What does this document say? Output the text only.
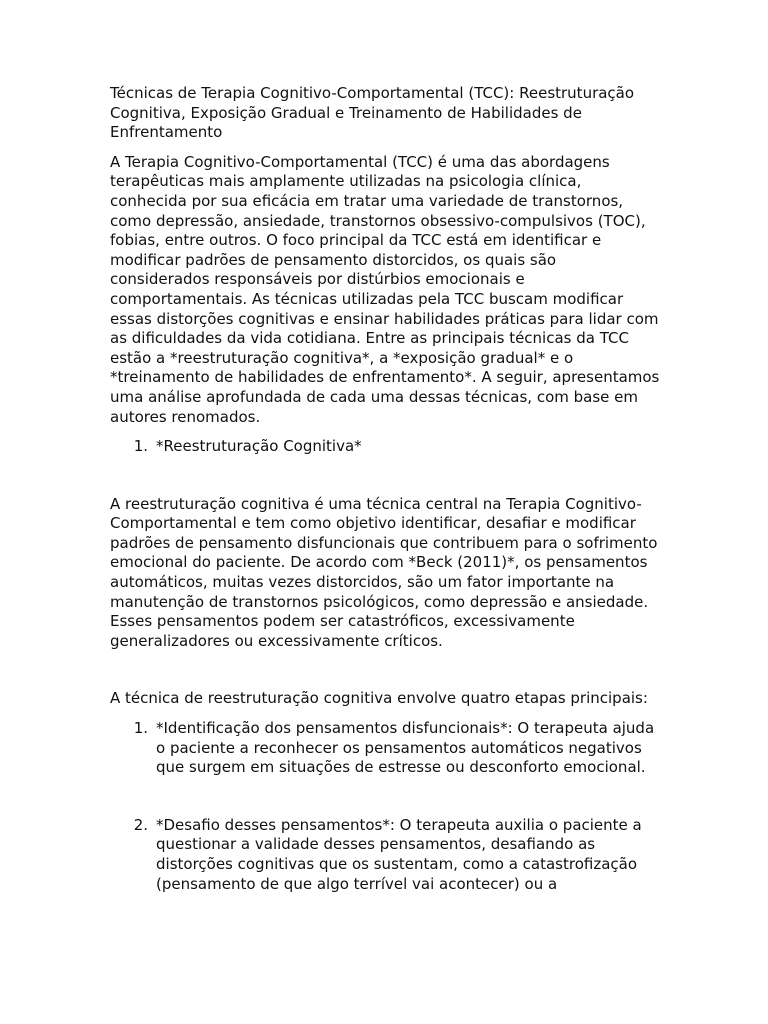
Técnicas de Terapia Cognitivo-Comportamental (TCC): Reestruturação Cognitiva, Exposição Gradual e Treinamento de Habilidades de Enfrentamento

A Terapia Cognitivo-Comportamental (TCC) é uma das abordagens terapêuticas mais amplamente utilizadas na psicologia clínica, conhecida por sua eficácia em tratar uma variedade de transtornos, como depressão, ansiedade, transtornos obsessivo-compulsivos (TOC), fobias, entre outros. O foco principal da TCC está em identificar e modificar padrões de pensamento distorcidos, os quais são considerados responsáveis por distúrbios emocionais e comportamentais. As técnicas utilizadas pela TCC buscam modificar essas distorções cognitivas e ensinar habilidades práticas para lidar com as dificuldades da vida cotidiana. Entre as principais técnicas da TCC estão a *reestruturação cognitiva*, a *exposição gradual* e o *treinamento de habilidades de enfrentamento*. A seguir, apresentamos uma análise aprofundada de cada uma dessas técnicas, com base em autores renomados.

1. *Reestruturação Cognitiva*

A reestruturação cognitiva é uma técnica central na Terapia Cognitivo-Comportamental e tem como objetivo identificar, desafiar e modificar padrões de pensamento disfuncionais que contribuem para o sofrimento emocional do paciente. De acordo com *Beck (2011)*, os pensamentos automáticos, muitas vezes distorcidos, são um fator importante na manutenção de transtornos psicológicos, como depressão e ansiedade. Esses pensamentos podem ser catastróficos, excessivamente generalizadores ou excessivamente críticos.

A técnica de reestruturação cognitiva envolve quatro etapas principais:

1. *Identificação dos pensamentos disfuncionais*: O terapeuta ajuda o paciente a reconhecer os pensamentos automáticos negativos que surgem em situações de estresse ou desconforto emocional.
2. *Desafio desses pensamentos*: O terapeuta auxilia o paciente a questionar a validade desses pensamentos, desafiando as distorções cognitivas que os sustentam, como a catastrofização (pensamento de que algo terrível vai acontecer) ou a
